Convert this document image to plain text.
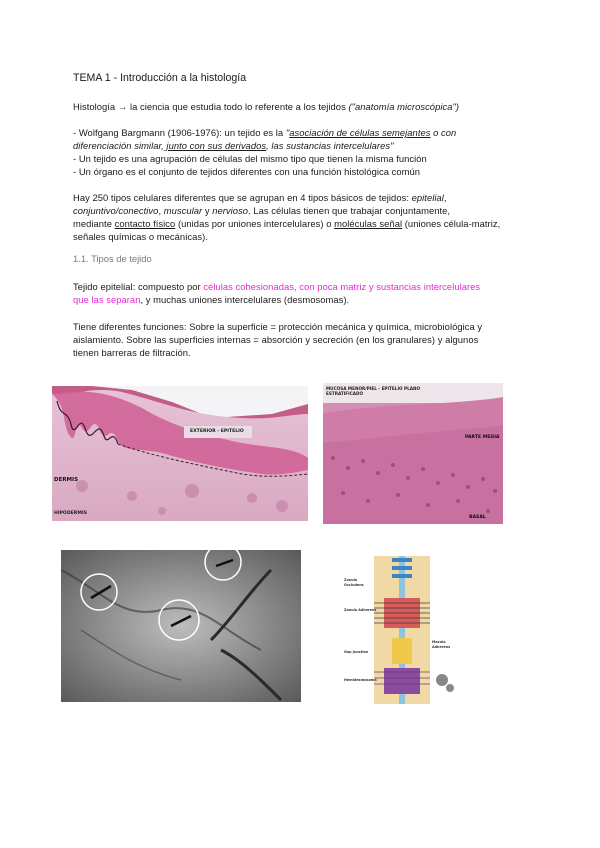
TEMA 1 - Introducción a la histología
Histología → la ciencia que estudia todo lo referente a los tejidos ("anatomía microscópica")
- Wolfgang Bargmann (1906-1976): un tejido es la "asociación de células semejantes o con
diferenciación similar, junto con sus derivados, las sustancias intercelulares"
- Un tejido es una agrupación de células del mismo tipo que tienen la misma función
- Un órgano es el conjunto de tejidos diferentes con una función histológica común
Hay 250 tipos celulares diferentes que se agrupan en 4 tipos básicos de tejidos: epitelial,
conjuntivo/conectivo, muscular y nervioso. Las células tienen que trabajar conjuntamente,
mediante contacto físico (unidas por uniones intercelulares) o moléculas señal (uniones célula-matriz,
señales químicas o mecánicas).
1.1. Tipos de tejido
Tejido epitelial: compuesto por células cohesionadas, con poca matriz y sustancias intercelulares
que las separan, y muchas uniones intercelulares (desmosomas).
Tiene diferentes funciones: Sobre la superficie = protección mecánica y química, microbiológica y
aislamiento. Sobre las superficies internas = absorción y secreción (en los granulares) y algunos
tienen barreras de filtración.
EXTERIOR - EPITELIO
DERMIS
HIPODERMIS
MUCOSA MENOR/PIEL - EPITELIO PLANO ESTRATIFICADO
PARTE MEDIA
BASAL
Zonula
Occludens
Zonula Adherens
Macula
Adherens
Gap Junction
Hemidesmosoma
